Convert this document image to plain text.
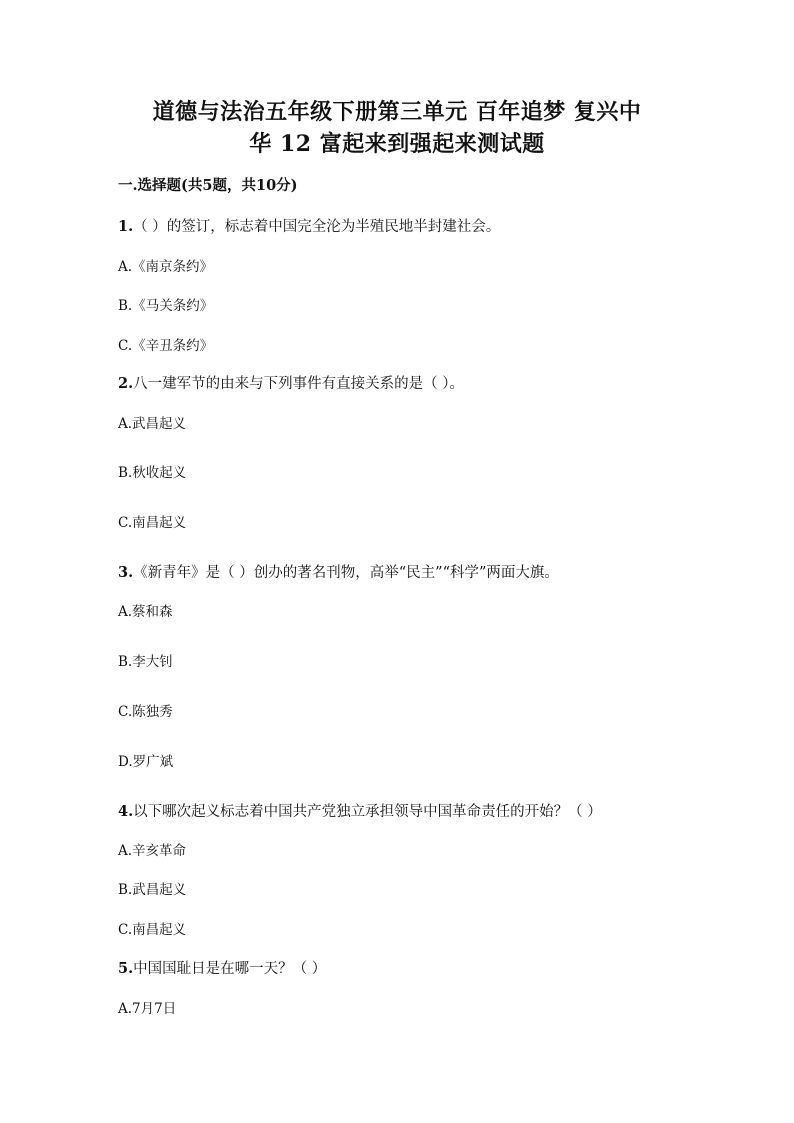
道德与法治五年级下册第三单元 百年追梦 复兴中
华 12 富起来到强起来测试题
一.选择题(共5题，共10分)
1.（ ）的签订，标志着中国完全沦为半殖民地半封建社会。
A.《南京条约》
B.《马关条约》
C.《辛丑条约》
2.八一建军节的由来与下列事件有直接关系的是（ ）。
A.武昌起义
B.秋收起义
C.南昌起义
3.《新青年》是（ ）创办的著名刊物，高举“民主”“科学”两面大旗。
A.蔡和森
B.李大钊
C.陈独秀
D.罗广斌
4.以下哪次起义标志着中国共产党独立承担领导中国革命责任的开始？（ ）
A.辛亥革命
B.武昌起义
C.南昌起义
5.中国国耻日是在哪一天？（ ）
A.7月7日
